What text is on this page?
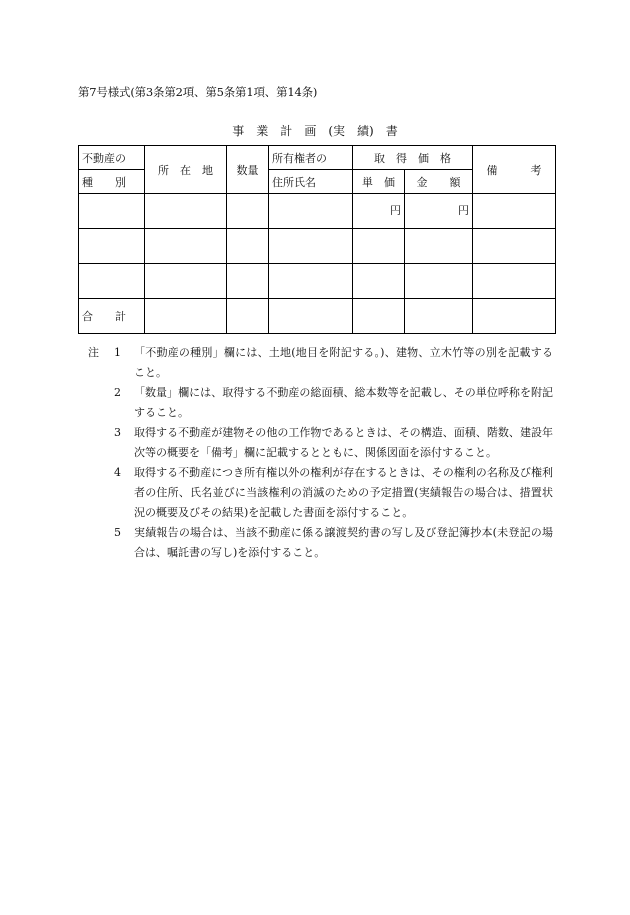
第7号様式(第3条第2項、第5条第1項、第14条)
事 業 計 画 (実 績) 書
不動産の	所　在　地	数量	所有権者の	取　得　価　格		備　　　考
種　　別			住所氏名	単　価	金　　額	
				円	円	

合　　計						
注	1	「不動産の種別」欄には、土地(地目を附記する。)、建物、立木竹等の別を記載すること。
2	「数量」欄には、取得する不動産の総面積、総本数等を記載し、その単位呼称を附記すること。
3	取得する不動産が建物その他の工作物であるときは、その構造、面積、階数、建設年次等の概要を「備考」欄に記載するとともに、関係図面を添付すること。
4	取得する不動産につき所有権以外の権利が存在するときは、その権利の名称及び権利者の住所、氏名並びに当該権利の消滅のための予定措置(実績報告の場合は、措置状況の概要及びその結果)を記載した書面を添付すること。
5	実績報告の場合は、当該不動産に係る譲渡契約書の写し及び登記簿抄本(未登記の場合は、嘱託書の写し)を添付すること。
